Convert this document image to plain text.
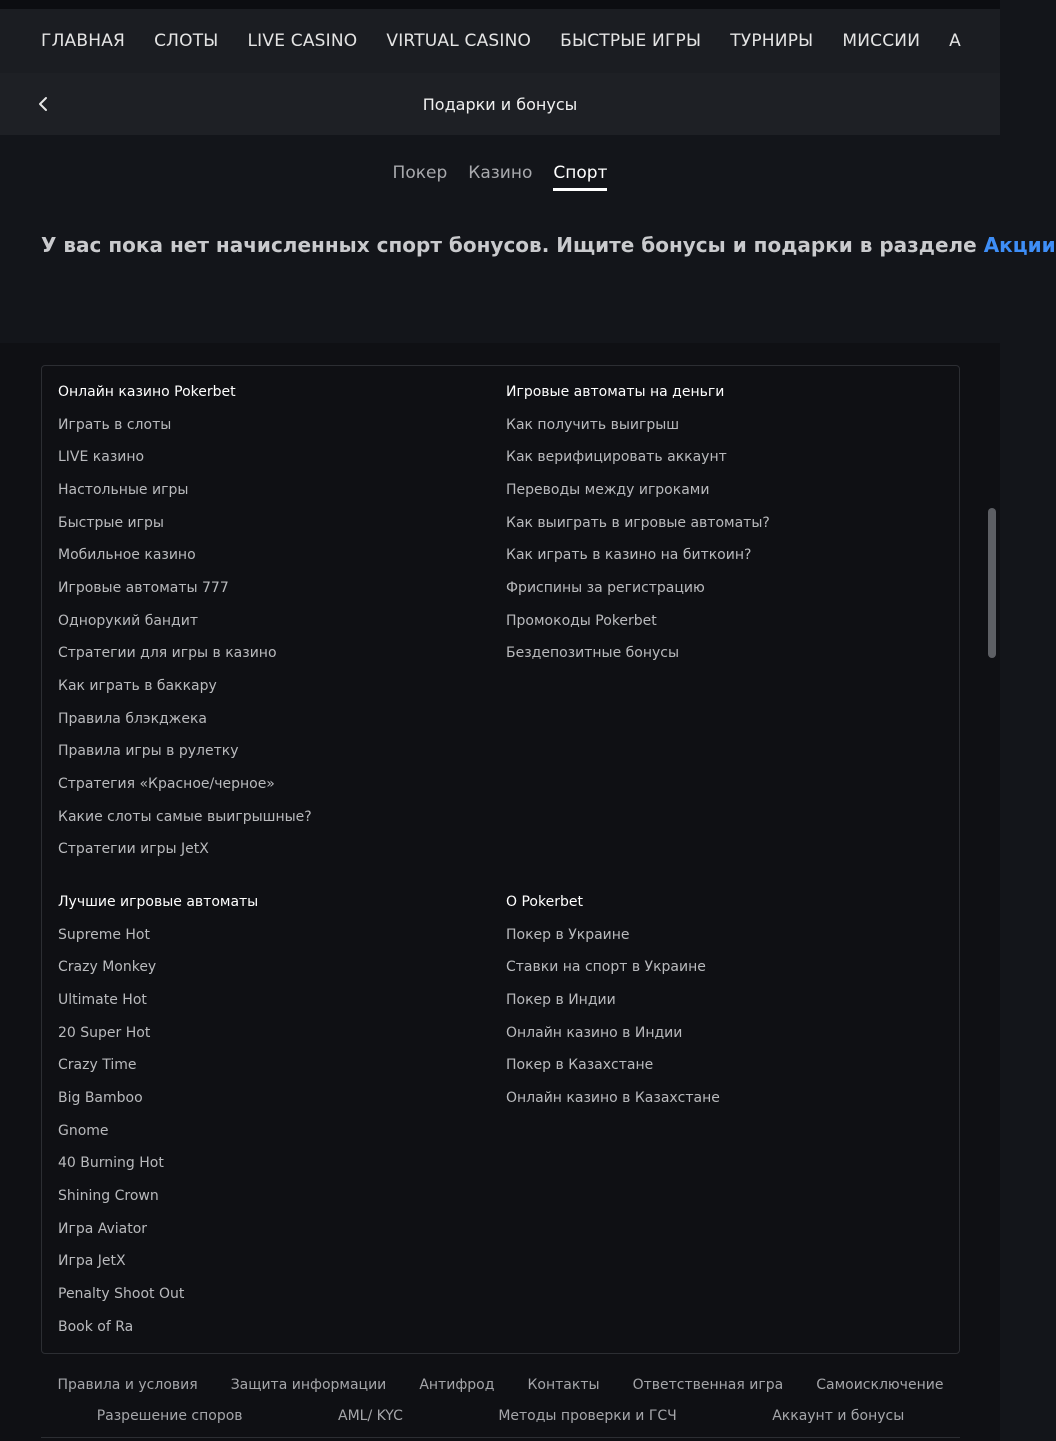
ГЛАВНАЯ СЛОТЫ LIVE CASINO VIRTUAL CASINO БЫСТРЫЕ ИГРЫ ТУРНИРЫ МИССИИ А
Подарки и бонусы
Покер Казино Спорт

У вас пока нет начисленных спорт бонусов. Ищите бонусы и подарки в разделе Акции

Онлайн казино Pokerbet
Играть в слоты
LIVE казино
Настольные игры
Быстрые игры
Мобильное казино
Игровые автоматы 777
Однорукий бандит
Стратегии для игры в казино
Как играть в баккару
Правила блэкджека
Правила игры в рулетку
Стратегия «Красное/черное»
Какие слоты самые выигрышные?
Стратегии игры JetX
Игровые автоматы на деньги
Как получить выигрыш
Как верифицировать аккаунт
Переводы между игроками
Как выиграть в игровые автоматы?
Как играть в казино на биткоин?
Фриспины за регистрацию
Промокоды Pokerbet
Бездепозитные бонусы
Лучшие игровые автоматы
Supreme Hot
Crazy Monkey
Ultimate Hot
20 Super Hot
Crazy Time
Big Bamboo
Gnome
40 Burning Hot
Shining Crown
Игра Aviator
Игра JetX
Penalty Shoot Out
Book of Ra
О Pokerbet
Покер в Украине
Ставки на спорт в Украине
Покер в Индии
Онлайн казино в Индии
Покер в Казахстане
Онлайн казино в Казахстане
Правила и условия Защита информации Антифрод Контакты Ответственная игра Самоисключение
Разрешение споров	AML/ KYC	Методы проверки и ГСЧ	Аккаунт и бонусы
